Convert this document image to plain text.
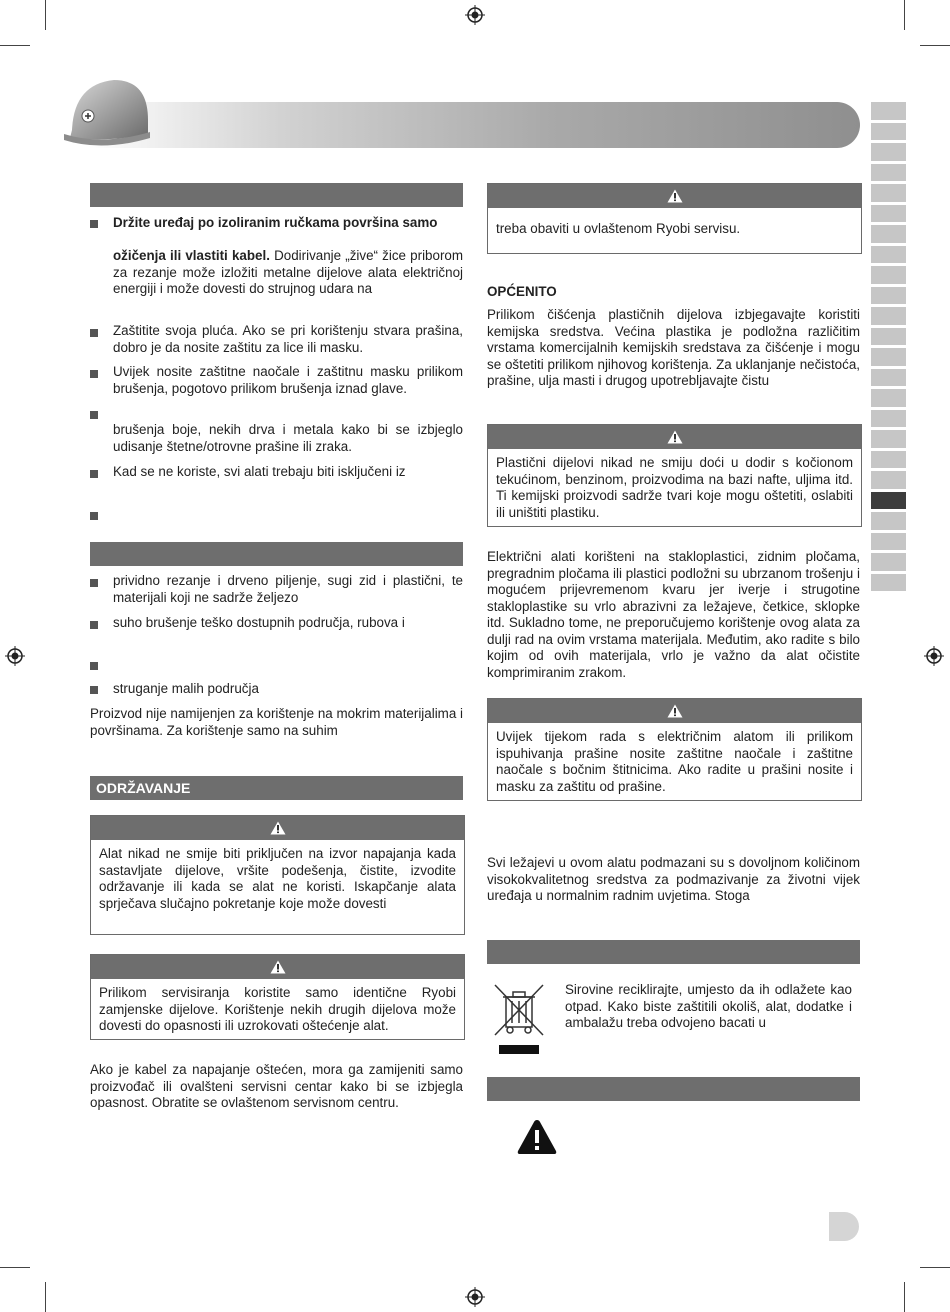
Držite uređaj po izoliranim ručkama površina samo
ožičenja ili vlastiti kabel. Dodirivanje „žive“ žice priborom za rezanje može izložiti metalne dijelove alata električnoj energiji i može dovesti do strujnog udara na
Zaštitite svoja pluća. Ako se pri korištenju stvara prašina, dobro je da nosite zaštitu za lice ili masku.
Uvijek nosite zaštitne naočale i zaštitnu masku prilikom brušenja, pogotovo prilikom brušenja iznad glave.
brušenja boje, nekih drva i metala kako bi se izbjeglo udisanje štetne/otrovne prašine ili zraka.
Kad se ne koriste, svi alati trebaju biti isključeni iz
prividno rezanje i drveno piljenje, sugi zid i plastični, te materijali koji ne sadrže željezo
suho brušenje teško dostupnih područja, rubova i
struganje malih područja
Proizvod nije namijenjen za korištenje na mokrim materijalima i površinama. Za korištenje samo na suhim
ODRŽAVANJE
Alat nikad ne smije biti priključen na izvor napajanja kada sastavljate dijelove, vršite podešenja, čistite, izvodite održavanje ili kada se alat ne koristi. Iskapčanje alata sprječava slučajno pokretanje koje može dovesti
Prilikom servisiranja koristite samo identične Ryobi zamjenske dijelove. Korištenje nekih drugih dijelova može dovesti do opasnosti ili uzrokovati oštećenje alat.
Ako je kabel za napajanje oštećen, mora ga zamijeniti samo proizvođač ili ovalšteni servisni centar kako bi se izbjegla opasnost. Obratite se ovlaštenom servisnom centru.
treba obaviti u ovlaštenom Ryobi servisu.
OPĆENITO
Prilikom čišćenja plastičnih dijelova izbjegavajte koristiti kemijska sredstva. Većina plastika je podložna različitim vrstama komercijalnih kemijskih sredstava za čišćenje i mogu se oštetiti prilikom njihovog korištenja. Za uklanjanje nečistoća, prašine, ulja masti i drugog upotrebljavajte čistu
Plastični dijelovi nikad ne smiju doći u dodir s kočionom tekućinom, benzinom, proizvodima na bazi nafte, uljima itd. Ti kemijski proizvodi sadrže tvari koje mogu oštetiti, oslabiti ili uništiti plastiku.
Električni alati korišteni na stakloplastici, zidnim pločama, pregradnim pločama ili plastici podložni su ubrzanom trošenju i mogućem prijevremenom kvaru jer iverje i strugotine stakloplastike su vrlo abrazivni za ležajeve, četkice, sklopke itd. Sukladno tome, ne preporučujemo korištenje ovog alata za dulji rad na ovim vrstama materijala. Međutim, ako radite s bilo kojim od ovih materijala, vrlo je važno da alat očistite komprimiranim zrakom.
Uvijek tijekom rada s električnim alatom ili prilikom ispuhivanja prašine nosite zaštitne naočale i zaštitne naočale s bočnim štitnicima. Ako radite u prašini nosite i masku za zaštitu od prašine.
Svi ležajevi u ovom alatu podmazani su s dovoljnom količinom visokokvalitetnog sredstva za podmazivanje za životni vijek uređaja u normalnim radnim uvjetima. Stoga
Sirovine reciklirajte, umjesto da ih odlažete kao otpad. Kako biste zaštitili okoliš, alat, dodatke i ambalažu treba odvojeno bacati u
